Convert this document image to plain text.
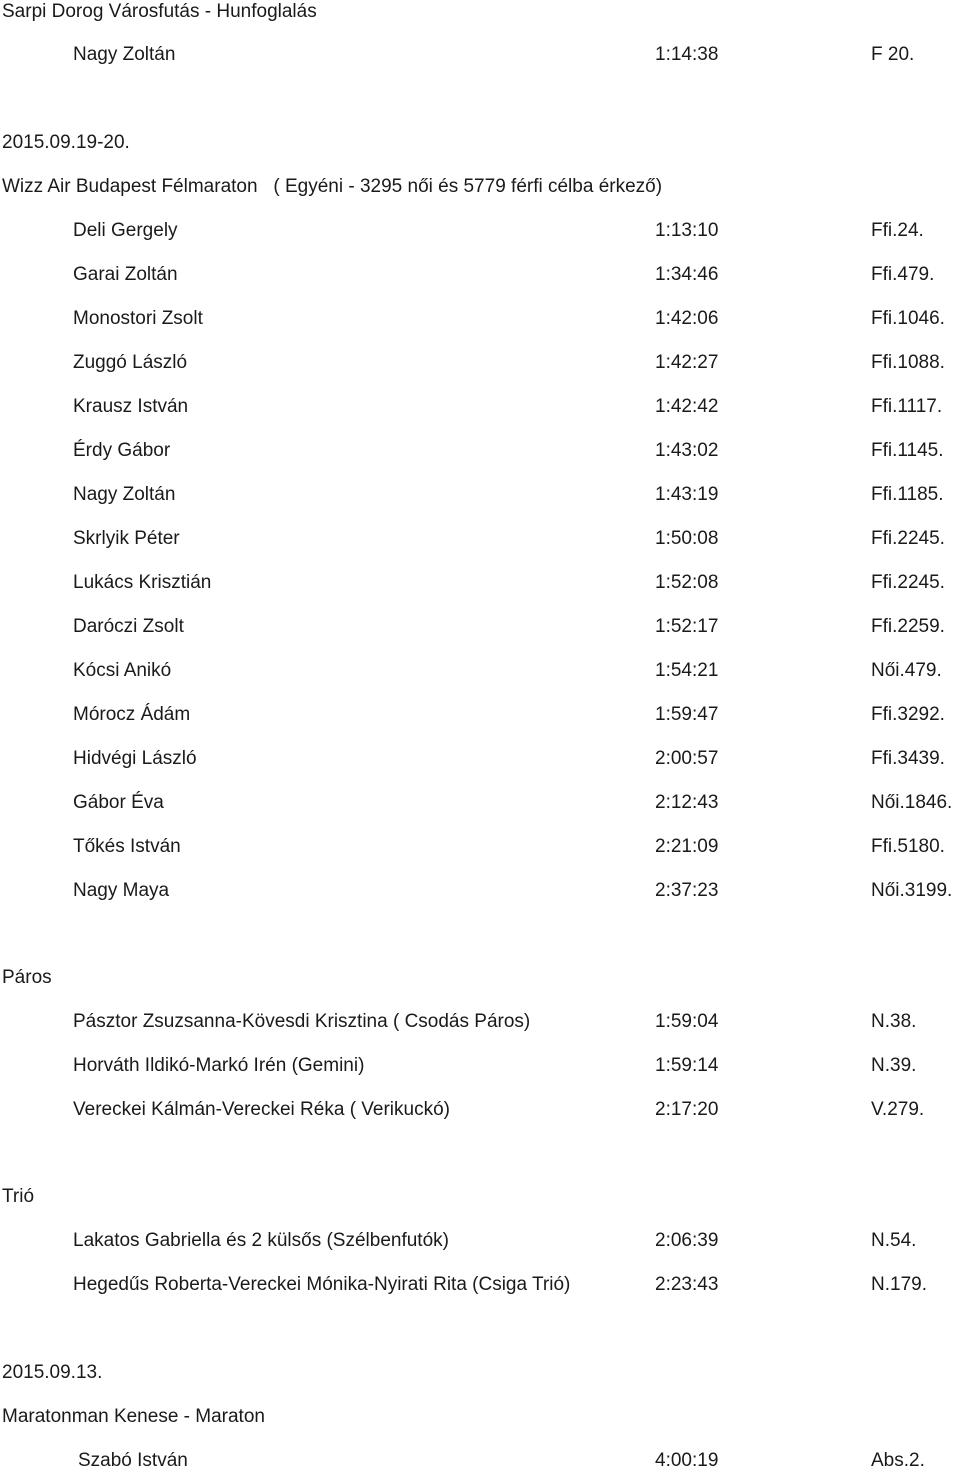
Sarpi Dorog Városfutás - Hunfoglalás
Nagy Zoltán	1:14:38	F 20.
2015.09.19-20.
Wizz Air Budapest Félmaraton   ( Egyéni - 3295 női és 5779 férfi célba érkező)
Deli Gergely	1:13:10	Ffi.24.
Garai Zoltán	1:34:46	Ffi.479.
Monostori Zsolt	1:42:06	Ffi.1046.
Zuggó László	1:42:27	Ffi.1088.
Krausz István	1:42:42	Ffi.1117.
Érdy Gábor	1:43:02	Ffi.1145.
Nagy Zoltán	1:43:19	Ffi.1185.
Skrlyik Péter	1:50:08	Ffi.2245.
Lukács Krisztián	1:52:08	Ffi.2245.
Daróczi Zsolt	1:52:17	Ffi.2259.
Kócsi Anikó	1:54:21	Női.479.
Mórocz Ádám	1:59:47	Ffi.3292.
Hidvégi László	2:00:57	Ffi.3439.
Gábor Éva	2:12:43	Női.1846.
Tőkés István	2:21:09	Ffi.5180.
Nagy Maya	2:37:23	Női.3199.
Páros
Pásztor Zsuzsanna-Kövesdi Krisztina ( Csodás Páros)	1:59:04	N.38.
Horváth Ildikó-Markó Irén (Gemini)	1:59:14	N.39.
Vereckei Kálmán-Vereckei Réka ( Verikuckó)	2:17:20	V.279.
Trió
Lakatos Gabriella és 2 külsős (Szélbenfutók)	2:06:39	N.54.
Hegedűs Roberta-Vereckei Mónika-Nyirati Rita (Csiga Trió)	2:23:43	N.179.
2015.09.13.
Maratonman Kenese - Maraton
Szabó István	4:00:19	Abs.2.
